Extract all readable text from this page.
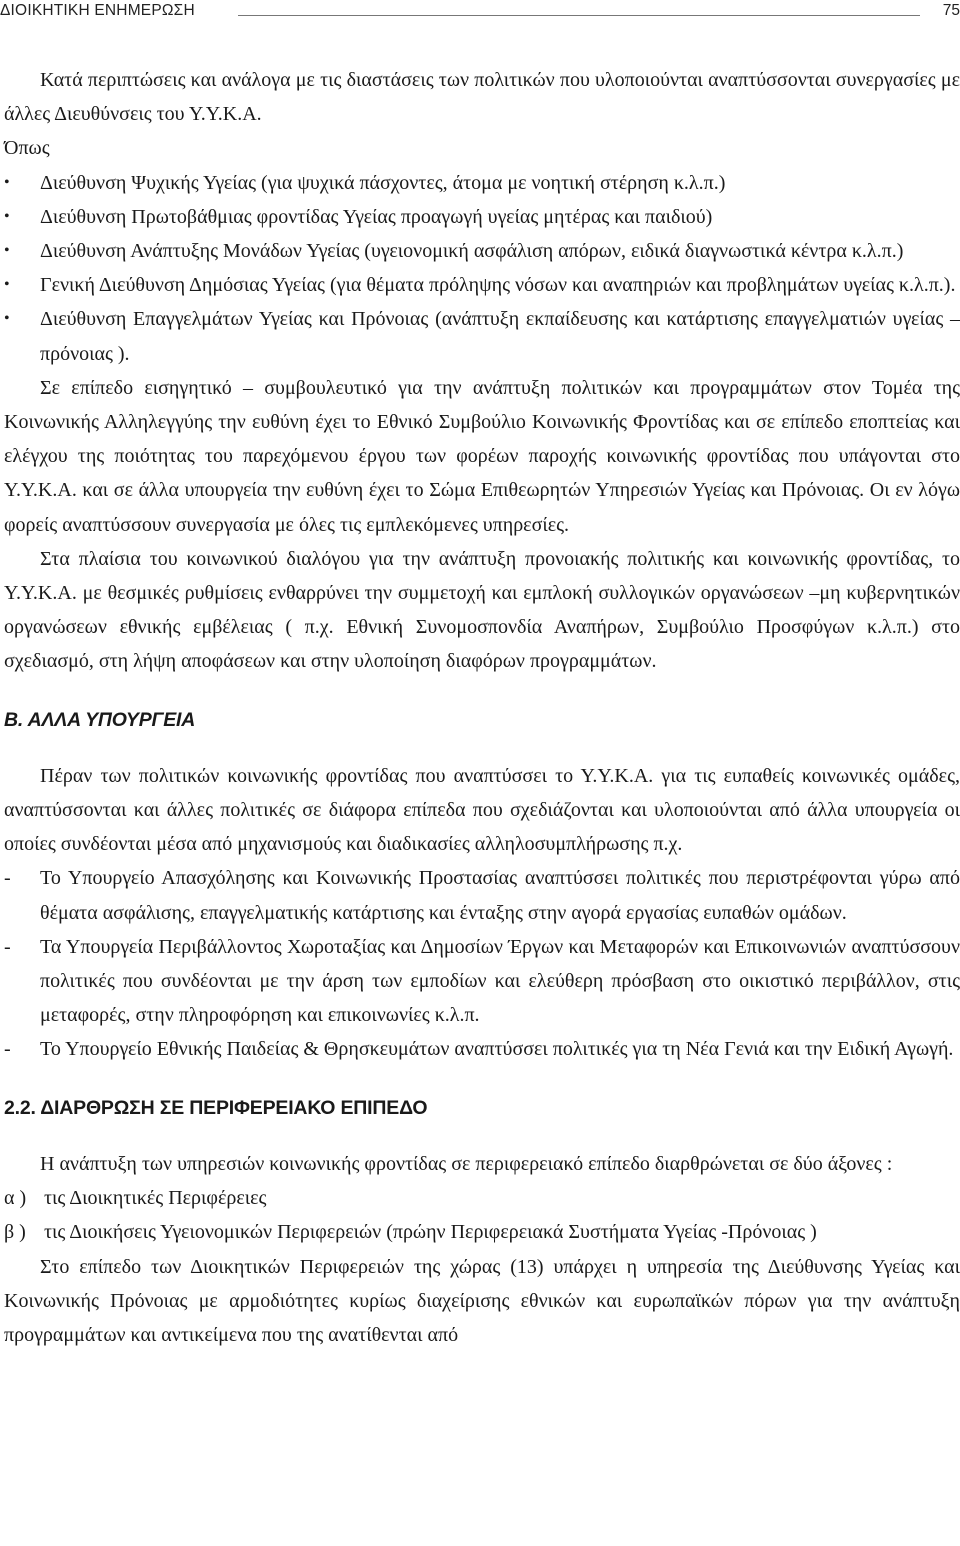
ΔΙΟΙΚΗΤΙΚΗ ΕΝΗΜΕΡΩΣΗ	75

Κατά περιπτώσεις και ανάλογα με τις διαστάσεις των πολιτικών που υλοποιούνται αναπτύσσονται συνεργασίες με άλλες Διευθύνσεις του Υ.Υ.Κ.Α.

Όπως

•	Διεύθυνση Ψυχικής Υγείας (για ψυχικά πάσχοντες, άτομα με νοητική στέρηση κ.λ.π.)
•	Διεύθυνση Πρωτοβάθμιας φροντίδας Υγείας προαγωγή υγείας μητέρας και παιδιού)
•	Διεύθυνση Ανάπτυξης Μονάδων Υγείας (υγειονομική ασφάλιση απόρων, ειδικά διαγνωστικά κέντρα κ.λ.π.)
•	Γενική Διεύθυνση Δημόσιας Υγείας (για θέματα πρόληψης νόσων και αναπηριών και προβλημάτων υγείας κ.λ.π.).
•	Διεύθυνση Επαγγελμάτων Υγείας και Πρόνοιας (ανάπτυξη εκπαίδευσης και κατάρτισης επαγγελματιών υγείας – πρόνοιας ).

Σε επίπεδο εισηγητικό – συμβουλευτικό για την ανάπτυξη πολιτικών και προγραμμάτων στον Τομέα της Κοινωνικής Αλληλεγγύης την ευθύνη έχει το Εθνικό Συμβούλιο Κοινωνικής Φροντίδας και σε επίπεδο εποπτείας και ελέγχου της ποιότητας του παρεχόμενου έργου των φορέων παροχής κοινωνικής φροντίδας που υπάγονται στο Υ.Υ.Κ.Α. και σε άλλα υπουργεία την ευθύνη έχει το Σώμα Επιθεωρητών Υπηρεσιών Υγείας και Πρόνοιας. Οι εν λόγω φορείς αναπτύσσουν συνεργασία με όλες τις εμπλεκόμενες υπηρεσίες.

Στα πλαίσια του κοινωνικού διαλόγου για την ανάπτυξη προνοιακής πολιτικής και κοινωνικής φροντίδας, το Υ.Υ.Κ.Α. με θεσμικές ρυθμίσεις ενθαρρύνει την συμμετοχή και εμπλοκή συλλογικών οργανώσεων –μη κυβερνητικών οργανώσεων εθνικής εμβέλειας ( π.χ. Εθνική Συνομοσπονδία Αναπήρων, Συμβούλιο Προσφύγων κ.λ.π.) στο σχεδιασμό, στη λήψη αποφάσεων και στην υλοποίηση διαφόρων προγραμμάτων.

Β. ΑΛΛΑ ΥΠΟΥΡΓΕΙΑ

Πέραν των πολιτικών κοινωνικής φροντίδας που αναπτύσσει το Υ.Υ.Κ.Α. για τις ευπαθείς κοινωνικές ομάδες, αναπτύσσονται και άλλες πολιτικές σε διάφορα επίπεδα που σχεδιάζονται και υλοποιούνται από άλλα υπουργεία οι οποίες συνδέονται μέσα από μηχανισμούς και διαδικασίες αλληλοσυμπλήρωσης π.χ.

-	Το Υπουργείο Απασχόλησης και Κοινωνικής Προστασίας αναπτύσσει πολιτικές που περιστρέφονται γύρω από θέματα ασφάλισης, επαγγελματικής κατάρτισης και ένταξης στην αγορά εργασίας ευπαθών ομάδων.
-	Τα Υπουργεία Περιβάλλοντος Χωροταξίας και Δημοσίων Έργων και Μεταφορών και Επικοινωνιών αναπτύσσουν πολιτικές που συνδέονται με την άρση των εμποδίων και ελεύθερη πρόσβαση στο οικιστικό περιβάλλον, στις μεταφορές, στην πληροφόρηση και επικοινωνίες κ.λ.π.
-	Το Υπουργείο Εθνικής Παιδείας & Θρησκευμάτων αναπτύσσει πολιτικές για τη Νέα Γενιά και την Ειδική Αγωγή.
2.2. ΔΙΑΡΘΡΩΣΗ ΣΕ ΠΕΡΙΦΕΡΕΙΑΚΟ ΕΠΙΠΕΔΟ

Η ανάπτυξη των υπηρεσιών κοινωνικής φροντίδας σε περιφερειακό επίπεδο διαρθρώνεται σε δύο άξονες :

α ) τις Διοικητικές Περιφέρειες
β ) τις Διοικήσεις Υγειονομικών Περιφερειών (πρώην Περιφερειακά Συστήματα Υγείας -Πρόνοιας )

Στο επίπεδο των Διοικητικών Περιφερειών της χώρας (13) υπάρχει η υπηρεσία της Διεύθυνσης Υγείας και Κοινωνικής Πρόνοιας με αρμοδιότητες κυρίως διαχείρισης εθνικών και ευρωπαϊκών πόρων για την ανάπτυξη προγραμμάτων και αντικείμενα που της ανατίθενται από
